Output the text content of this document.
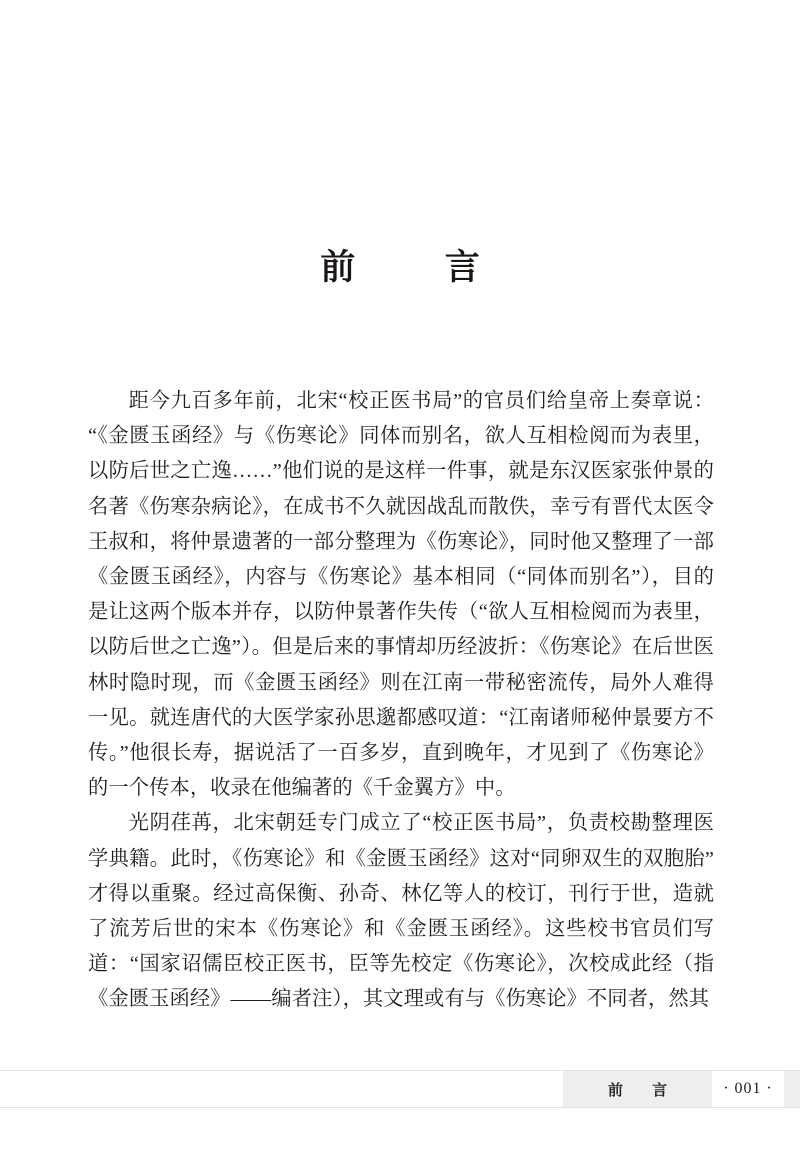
前  言

距今九百多年前，北宋“校正医书局”的官员们给皇帝上奏章说：“《金匮玉函经》与《伤寒论》同体而别名，欲人互相检阅而为表里，以防后世之亡逸……”他们说的是这样一件事，就是东汉医家张仲景的名著《伤寒杂病论》，在成书不久就因战乱而散佚，幸亏有晋代太医令王叔和，将仲景遗著的一部分整理为《伤寒论》，同时他又整理了一部《金匮玉函经》，内容与《伤寒论》基本相同（“同体而别名”），目的是让这两个版本并存，以防仲景著作失传（“欲人互相检阅而为表里，以防后世之亡逸”）。但是后来的事情却历经波折：《伤寒论》在后世医林时隐时现，而《金匮玉函经》则在江南一带秘密流传，局外人难得一见。就连唐代的大医学家孙思邈都感叹道：“江南诸师秘仲景要方不传。”他很长寿，据说活了一百多岁，直到晚年，才见到了《伤寒论》的一个传本，收录在他编著的《千金翼方》中。

光阴荏苒，北宋朝廷专门成立了“校正医书局”，负责校勘整理医学典籍。此时，《伤寒论》和《金匮玉函经》这对“同卵双生的双胞胎”才得以重聚。经过高保衡、孙奇、林亿等人的校订，刊行于世，造就了流芳后世的宋本《伤寒论》和《金匮玉函经》。这些校书官员们写道：“国家诏儒臣校正医书，臣等先校定《伤寒论》，次校成此经（指《金匮玉函经》——编者注），其文理或有与《伤寒论》不同者，然其

前  言	· 001 ·
